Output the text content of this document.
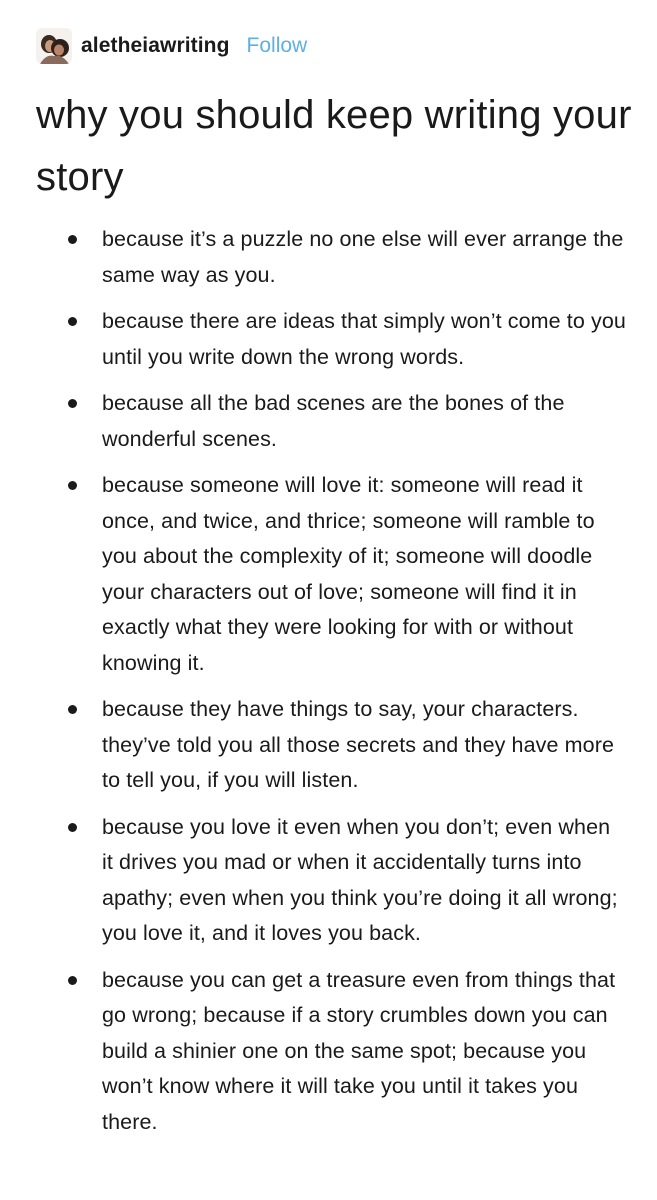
aletheiawriting Follow
why you should keep writing your story
because it’s a puzzle no one else will ever arrange the same way as you.
because there are ideas that simply won’t come to you until you write down the wrong words.
because all the bad scenes are the bones of the wonderful scenes.
because someone will love it: someone will read it once, and twice, and thrice; someone will ramble to you about the complexity of it; someone will doodle your characters out of love; someone will find it in exactly what they were looking for with or without knowing it.
because they have things to say, your characters. they’ve told you all those secrets and they have more to tell you, if you will listen.
because you love it even when you don’t; even when it drives you mad or when it accidentally turns into apathy; even when you think you’re doing it all wrong; you love it, and it loves you back.
because you can get a treasure even from things that go wrong; because if a story crumbles down you can build a shinier one on the same spot; because you won’t know where it will take you until it takes you there.
